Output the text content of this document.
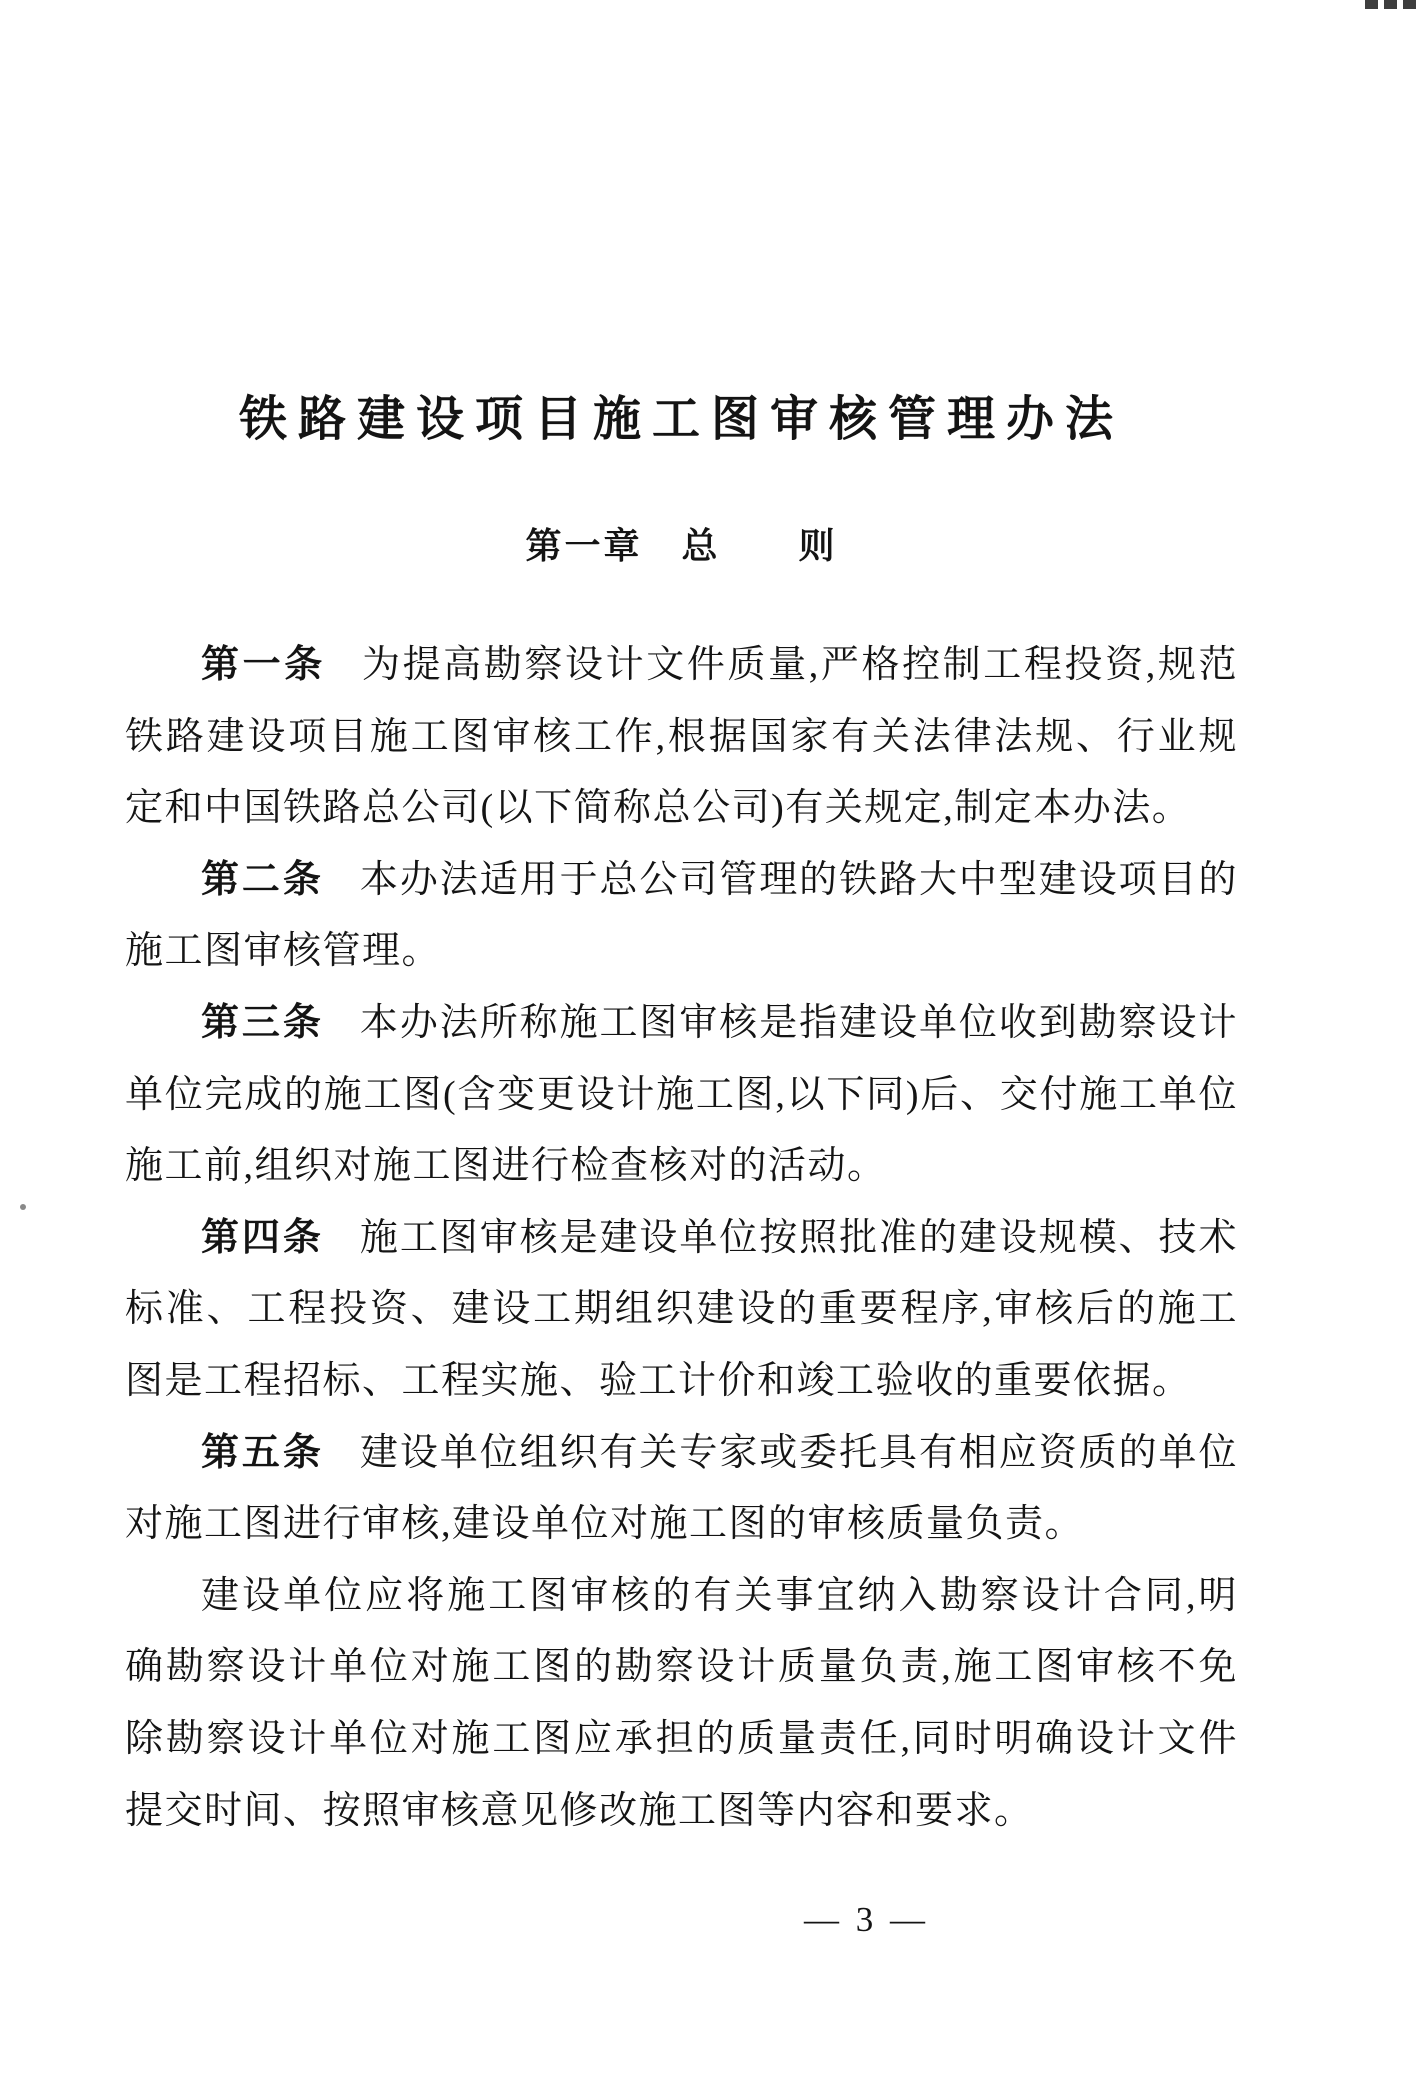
铁路建设项目施工图审核管理办法
第一章　总　　则

第一条 为提高勘察设计文件质量,严格控制工程投资,规范铁路建设项目施工图审核工作,根据国家有关法律法规、行业规定和中国铁路总公司(以下简称总公司)有关规定,制定本办法。

第二条 本办法适用于总公司管理的铁路大中型建设项目的施工图审核管理。

第三条 本办法所称施工图审核是指建设单位收到勘察设计单位完成的施工图(含变更设计施工图,以下同)后、交付施工单位施工前,组织对施工图进行检查核对的活动。

第四条 施工图审核是建设单位按照批准的建设规模、技术标准、工程投资、建设工期组织建设的重要程序,审核后的施工图是工程招标、工程实施、验工计价和竣工验收的重要依据。

第五条 建设单位组织有关专家或委托具有相应资质的单位对施工图进行审核,建设单位对施工图的审核质量负责。

建设单位应将施工图审核的有关事宜纳入勘察设计合同,明确勘察设计单位对施工图的勘察设计质量负责,施工图审核不免除勘察设计单位对施工图应承担的质量责任,同时明确设计文件提交时间、按照审核意见修改施工图等内容和要求。

— 3 —
